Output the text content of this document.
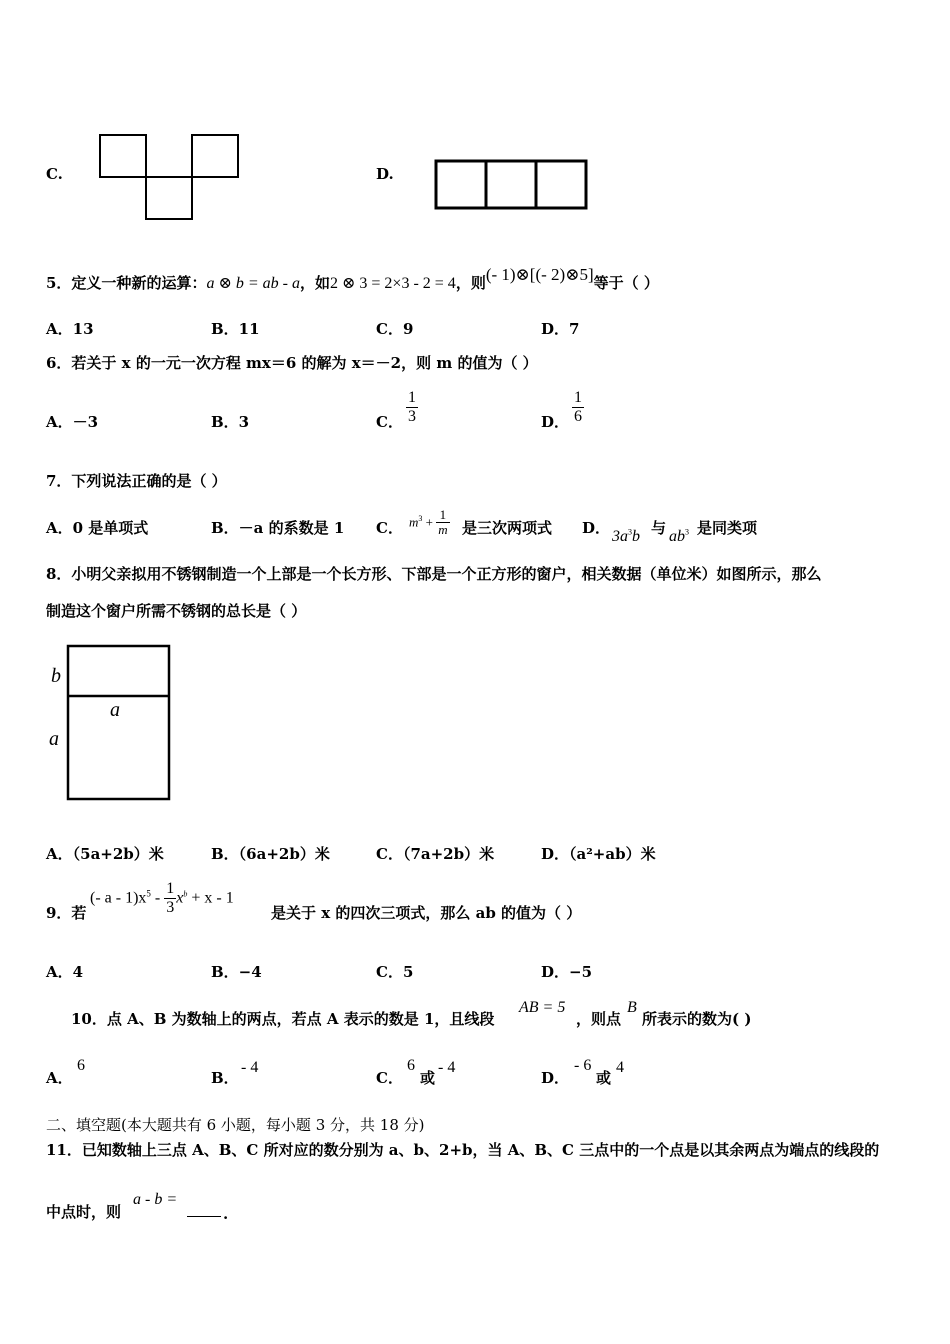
C.	D.
5．定义一种新的运算：a ⊗ b = ab - a，如2 ⊗ 3 = 2×3 - 2 = 4，则(- 1)⊗[(- 2)⊗5]等于（ ）
A．13	B．11	C．9	D．7
6．若关于 x 的一元一次方程 mx＝6 的解为 x＝－2，则 m 的值为（ ）
A．－3	B．3	C． $\frac{1}{3}$	D． $\frac{1}{6}$
7．下列说法正确的是（ ）
A．0 是单项式	B．－a 的系数是 1 C． $m^3 + \frac{1}{m}$ 是三次两项式 D． $3a^3b$ 与 $ab^3$ 是同类项
8．小明父亲拟用不锈钢制造一个上部是一个长方形、下部是一个正方形的窗户，相关数据（单位米）如图所示，那么
制造这个窗户所需不锈钢的总长是（ ）
b
a
a
A．（5a+2b）米	B．（6a+2b）米	C．（7a+2b）米	D．（a²+ab）米
9．若
(- $a - 1)x^5 - \frac{1}{3} x^b + x - 1$
是关于 x 的四次三项式，那么 ab 的值为（ ）
A．4	B．−4	C．5	D．−5
10．点 A、B 为数轴上的两点，若点 A 表示的数是 1，且线段
AB = 5
，则点
B
所表示的数为( )
A．
6
B．
- 4
C．
6
或
- 4
D．
- 6
或
4
二、填空题(本大题共有 6 小题，每小题 3 分，共 18 分)
11．已知数轴上三点 A、B、C 所对应的数分别为 a、b、2+b，当 A、B、C 三点中的一个点是以其余两点为端点的线段的
中点时，则
a - b =
.
